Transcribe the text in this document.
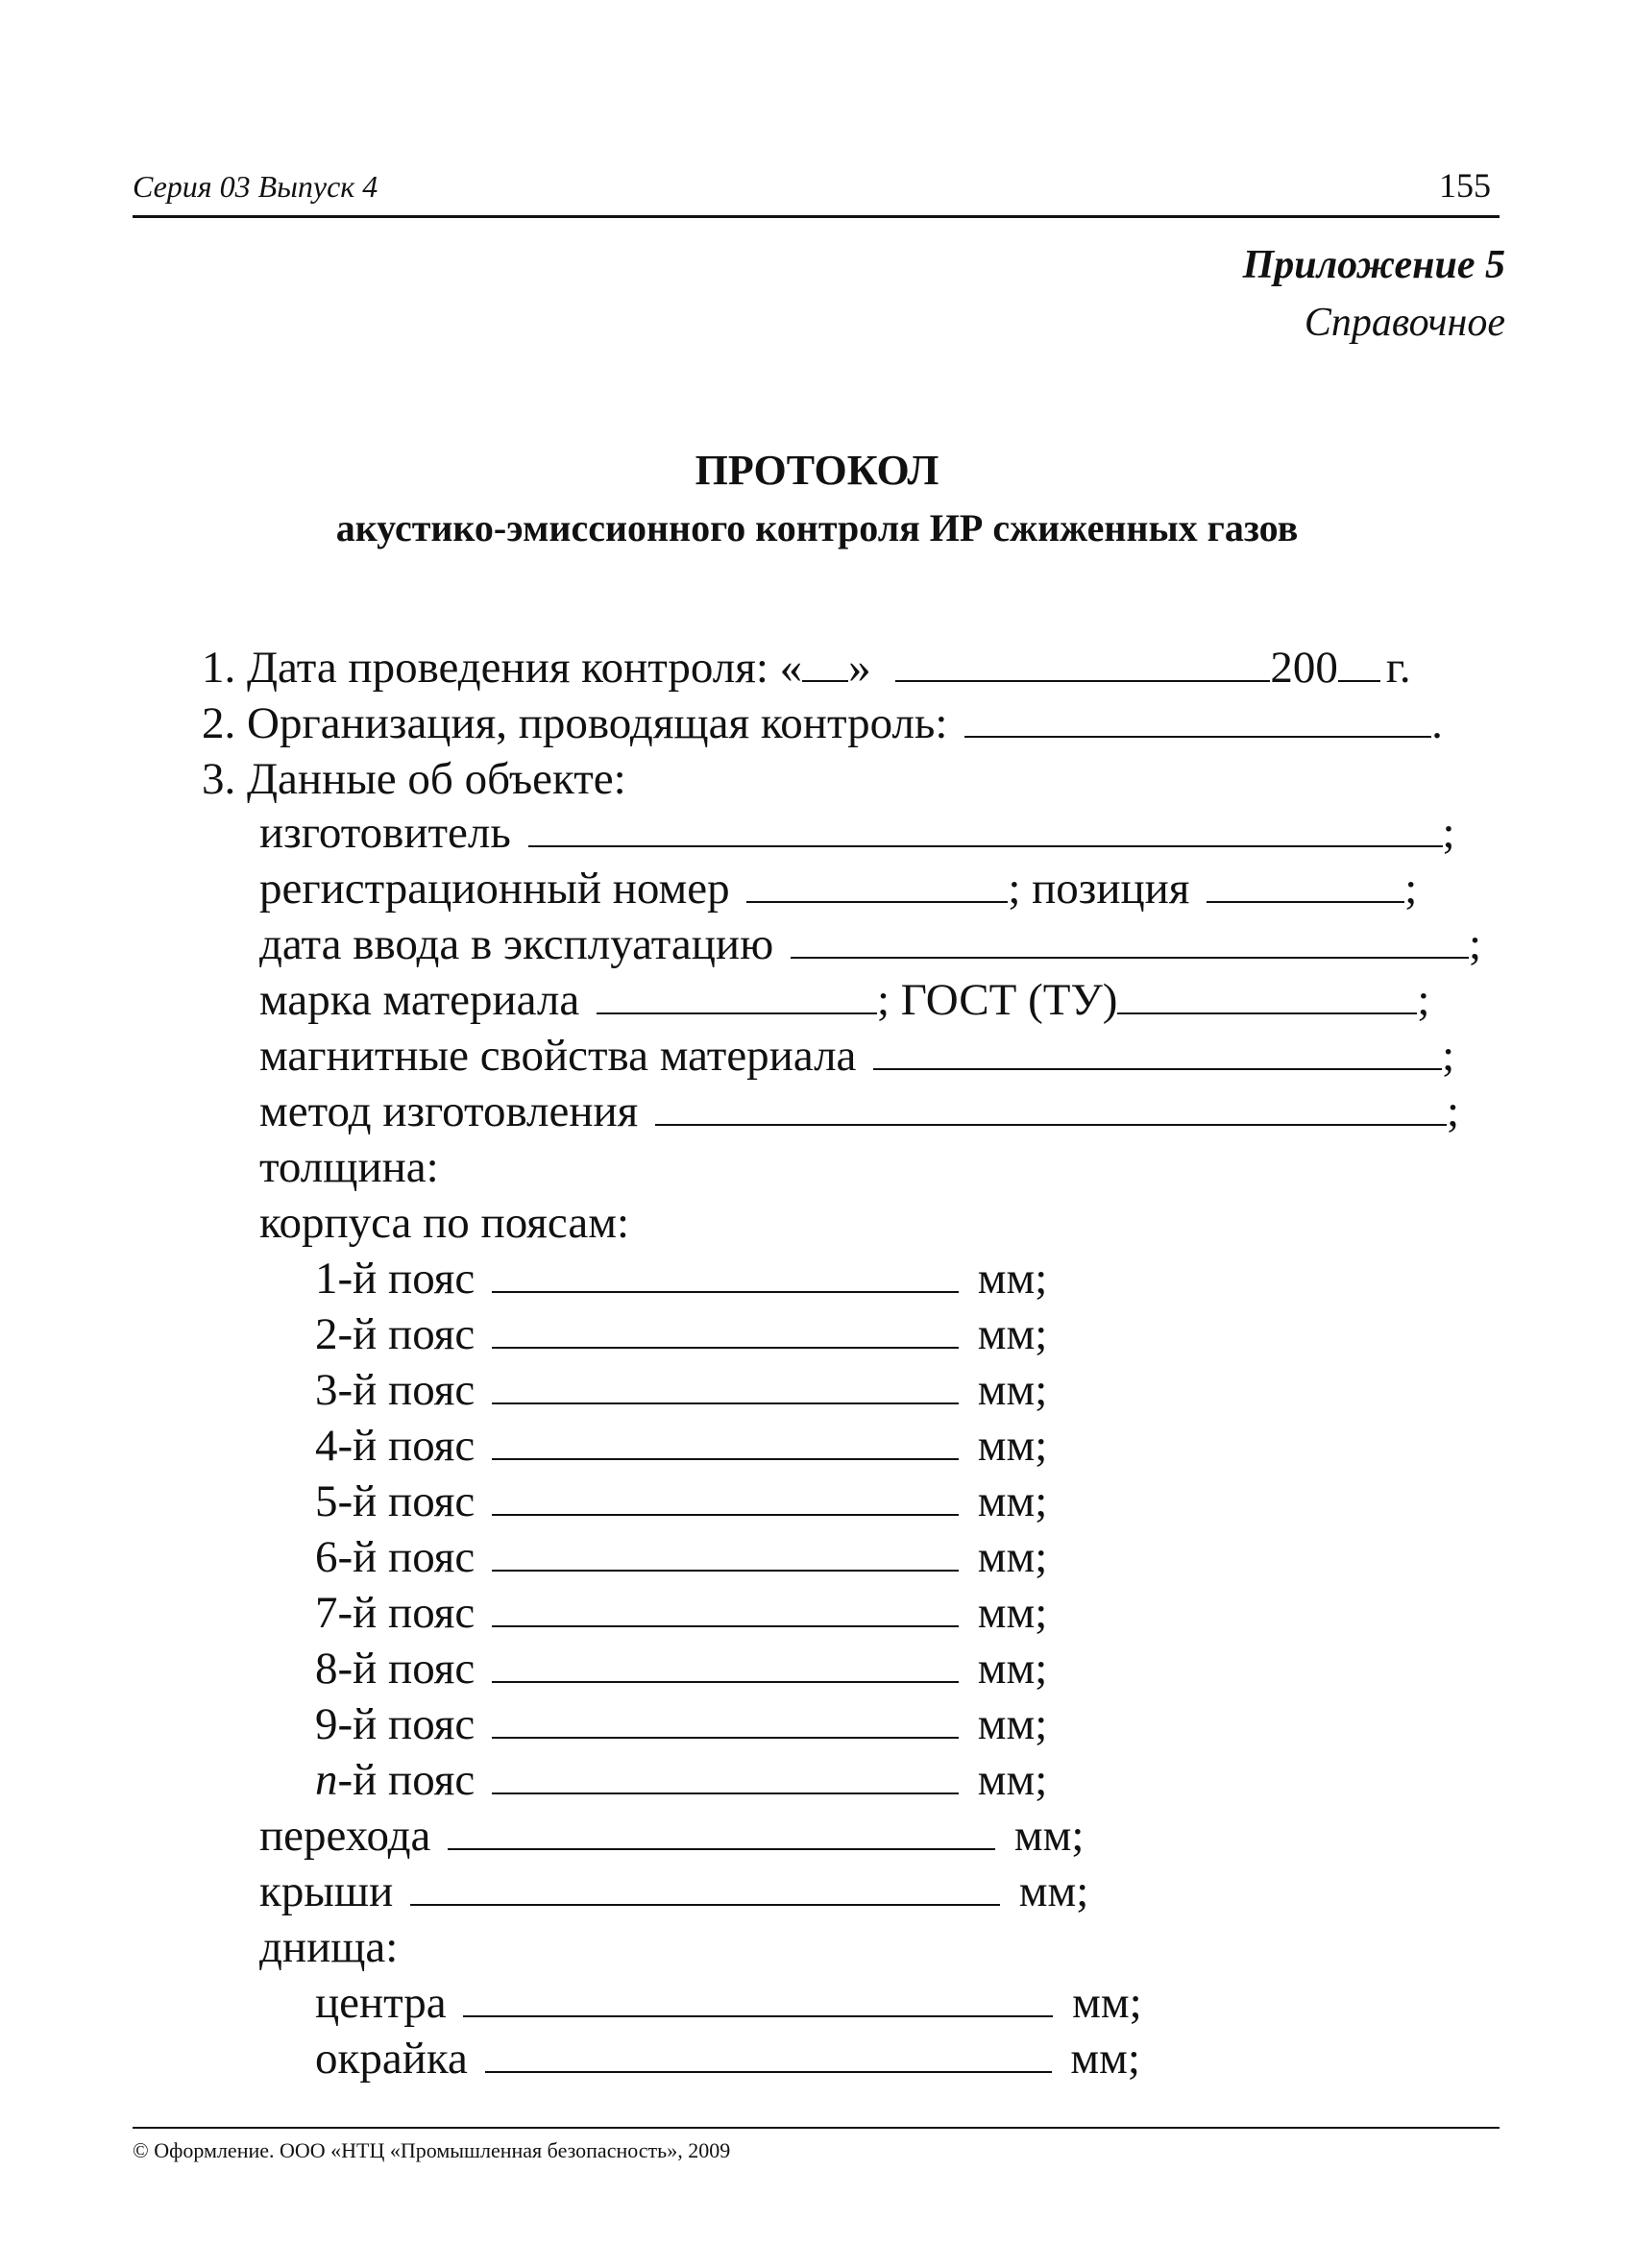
Серия 03 Выпуск 4	155
Приложение 5
Справочное
ПРОТОКОЛ
акустико-эмиссионного контроля ИР сжиженных газов
1. Дата проведения контроля: « »	200 г.
2. Организация, проводящая контроль:	.
3. Данные об объекте:
изготовитель	;
регистрационный номер	; позиция	;
дата ввода в эксплуатацию	;
марка материала	; ГОСТ (ТУ)	;
магнитные свойства материала	;
метод изготовления	;
толщина:
корпуса по поясам:
1-й пояс	мм;
2-й пояс	мм;
3-й пояс	мм;
4-й пояс	мм;
5-й пояс	мм;
6-й пояс	мм;
7-й пояс	мм;
8-й пояс	мм;
9-й пояс	мм;
n-й пояс	мм;
перехода	мм;
крыши	мм;
днища:
центра	мм;
окрайка	мм;
© Оформление. ООО «НТЦ «Промышленная безопасность», 2009
